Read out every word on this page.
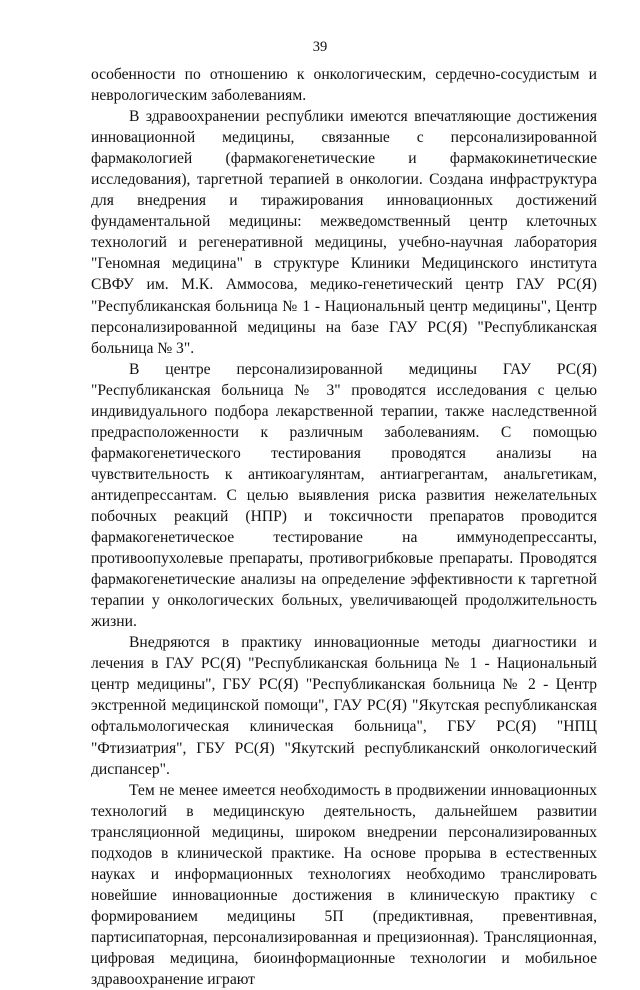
39

особенности по отношению к онкологическим, сердечно-сосудистым и неврологическим заболеваниям.

В здравоохранении республики имеются впечатляющие достижения инновационной медицины, связанные с персонализированной фармакологией (фармакогенетические и фармакокинетические исследования), таргетной терапией в онкологии. Создана инфраструктура для внедрения и тиражирования инновационных достижений фундаментальной медицины: межведомственный центр клеточных технологий и регенеративной медицины, учебно-научная лаборатория "Геномная медицина" в структуре Клиники Медицинского института СВФУ им. М.К. Аммосова, медико-генетический центр ГАУ РС(Я) "Республиканская больница № 1 - Национальный центр медицины", Центр персонализированной медицины на базе ГАУ РС(Я) "Республиканская больница № 3".

В центре персонализированной медицины ГАУ РС(Я) "Республиканская больница № 3" проводятся исследования с целью индивидуального подбора лекарственной терапии, также наследственной предрасположенности к различным заболеваниям. С помощью фармакогенетического тестирования проводятся анализы на чувствительность к антикоагулянтам, антиагрегантам, анальгетикам, антидепрессантам. С целью выявления риска развития нежелательных побочных реакций (НПР) и токсичности препаратов проводится фармакогенетическое тестирование на иммунодепрессанты, противоопухолевые препараты, противогрибковые препараты. Проводятся фармакогенетические анализы на определение эффективности к таргетной терапии у онкологических больных, увеличивающей продолжительность жизни.

Внедряются в практику инновационные методы диагностики и лечения в ГАУ РС(Я) "Республиканская больница № 1 - Национальный центр медицины", ГБУ РС(Я) "Республиканская больница № 2 - Центр экстренной медицинской помощи", ГАУ РС(Я) "Якутская республиканская офтальмологическая клиническая больница", ГБУ РС(Я) "НПЦ "Фтизиатрия", ГБУ РС(Я) "Якутский республиканский онкологический диспансер".

Тем не менее имеется необходимость в продвижении инновационных технологий в медицинскую деятельность, дальнейшем развитии трансляционной медицины, широком внедрении персонализированных подходов в клинической практике. На основе прорыва в естественных науках и информационных технологиях необходимо транслировать новейшие инновационные достижения в клиническую практику с формированием медицины 5П (предиктивная, превентивная, партисипаторная, персонализированная и прецизионная). Трансляционная, цифровая медицина, биоинформационные технологии и мобильное здравоохранение играют
